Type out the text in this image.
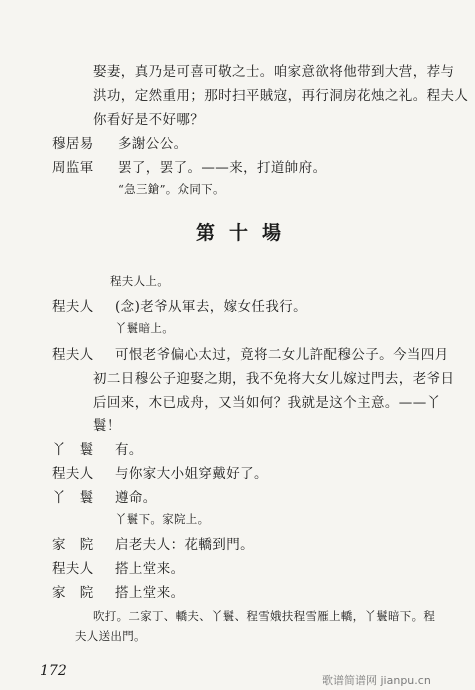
娶妻，真乃是可喜可敬之士。咱家意欲将他带到大营，荐与
洪功，定然重用；那时扫平賊寇，再行洞房花烛之礼。程夫人
你看好是不好哪？
穆居易 多謝公公。
周监軍 罢了，罢了。——来，打道帥府。
“急三鎗”。众同下。
第十場
程夫人上。
程夫人 (念)老爷从軍去，嫁女任我行。
丫鬟暗上。
程夫人 可恨老爷偏心太过，竟将二女儿許配穆公子。今当四月
初二日穆公子迎娶之期，我不免将大女儿嫁过門去，老爷日
后回来，木已成舟，又当如何？我就是这个主意。——丫
鬟！
丫　鬟 有。
程夫人 与你家大小姐穿戴好了。
丫　鬟 遵命。
丫鬟下。家院上。
家　院 启老夫人：花轎到門。
程夫人 搭上堂来。
家　院 搭上堂来。
吹打。二家丁、轎夫、丫鬟、程雪娥扶程雪雁上轎，丫鬟暗下。程
夫人送出門。
172
歌谱简谱网 jianpu.cn
